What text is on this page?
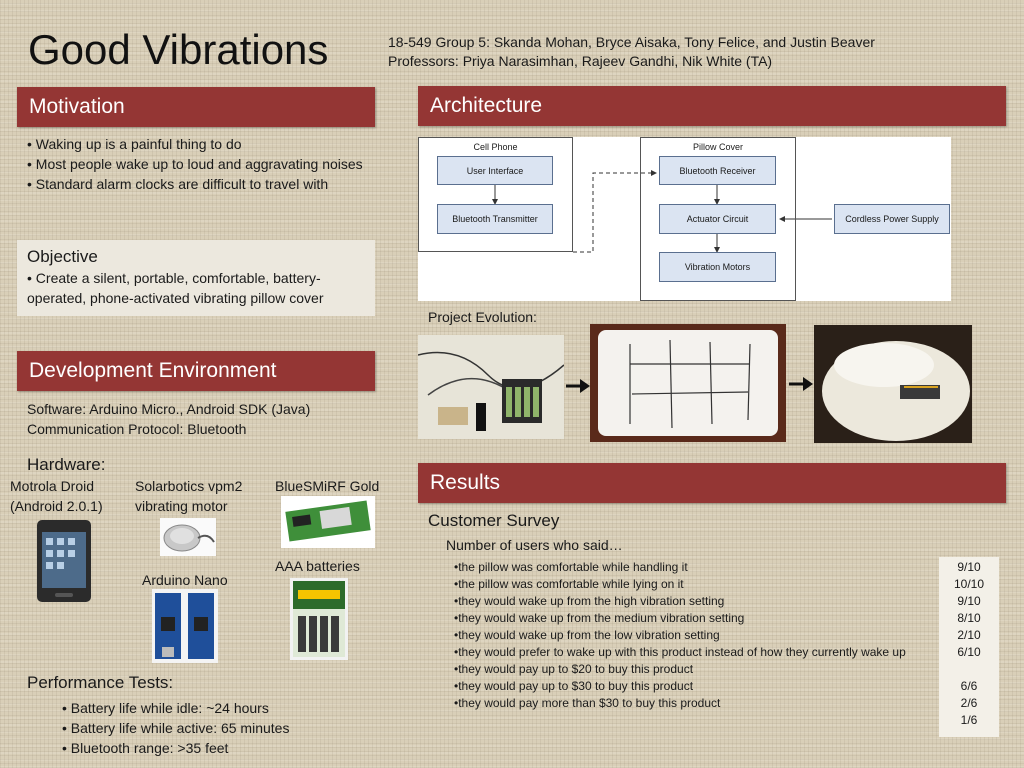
Good Vibrations	18-549 Group 5: Skanda Mohan, Bryce Aisaka, Tony Felice, and Justin Beaver
Professors: Priya Narasimhan, Rajeev Gandhi, Nik White (TA)
Motivation
• Waking up is a painful thing to do
• Most people wake up to loud and aggravating noises
• Standard alarm clocks are difficult to travel with
Objective
• Create a silent, portable, comfortable, battery-operated, phone-activated vibrating pillow cover
Development Environment
Software: Arduino Micro., Android SDK (Java)
Communication Protocol: Bluetooth
Hardware:
Motrola Droid (Android 2.0.1)
Solarbotics vpm2 vibrating motor
BlueSMiRF Gold
Arduino Nano
AAA batteries
Performance Tests:
• Battery life while idle: ~24 hours
• Battery life while active: 65 minutes
• Bluetooth range: >35 feet
Architecture
Cell Phone	Pillow Cover
User Interface
Bluetooth Transmitter
Bluetooth Receiver
Actuator Circuit
Vibration Motors
Cordless Power Supply
Project Evolution:
Results
Customer Survey
Number of users who said…
• the pillow was comfortable while handling it
• the pillow was comfortable while lying on it
• they would wake up from the high vibration setting
• they would wake up from the medium vibration setting
• they would wake up from the low vibration setting
• they would prefer to wake up with this product instead of how they currently wake up
• they would pay up to $20 to buy this product
• they would pay up to $30 to buy this product
• they would pay more than $30 to buy this product
9/10
10/10
9/10
8/10
2/10
6/10
6/6
2/6
1/6
